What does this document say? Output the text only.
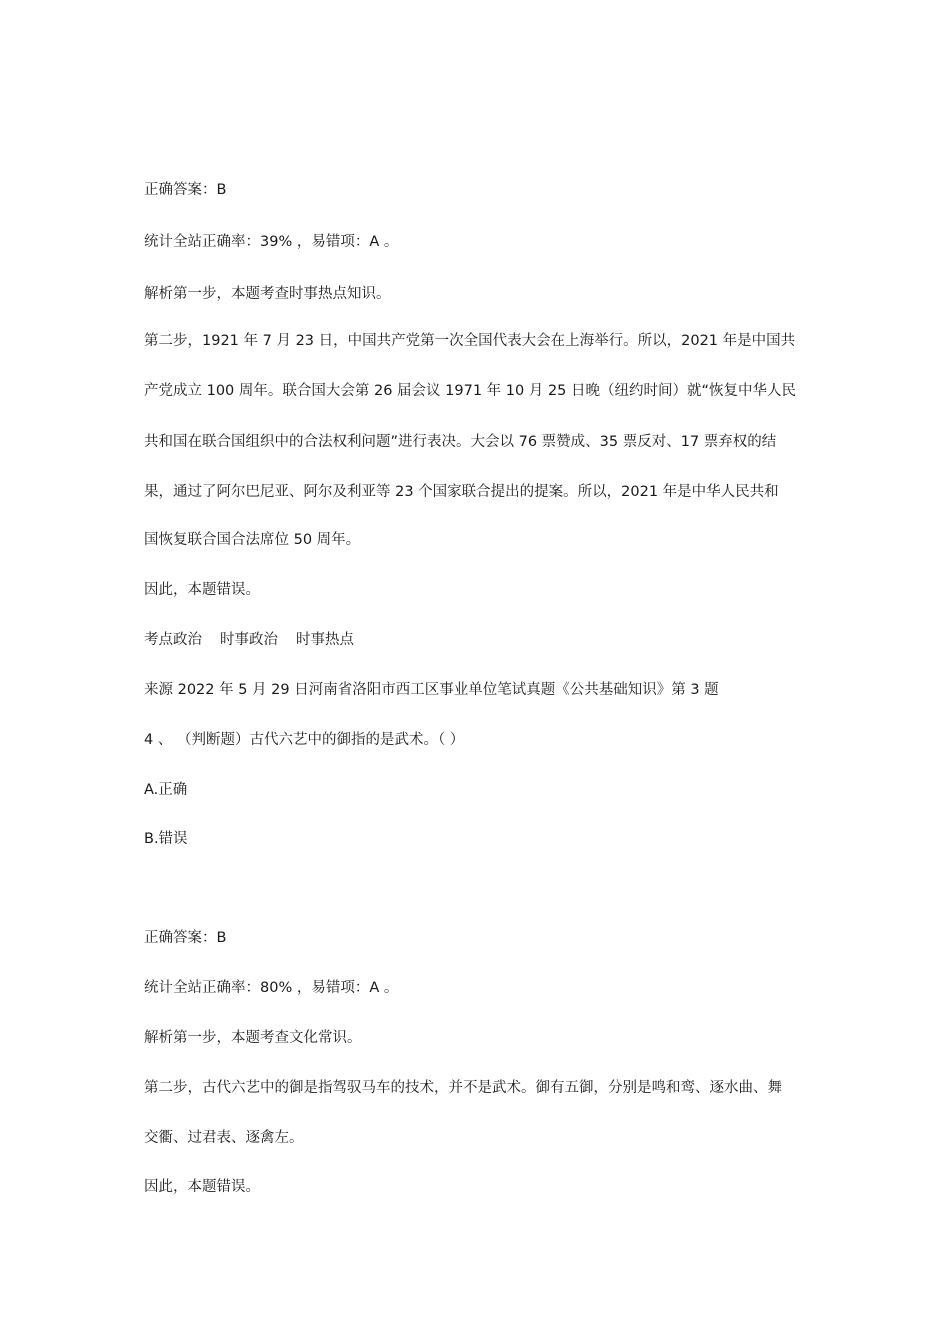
正确答案：B
统计全站正确率：39% ，易错项：A 。
解析第一步，本题考查时事热点知识。
第二步，1921 年 7 月 23 日，中国共产党第一次全国代表大会在上海举行。所以，2021 年是中国共
产党成立 100 周年。联合国大会第 26 届会议 1971 年 10 月 25 日晚（纽约时间）就“恢复中华人民
共和国在联合国组织中的合法权利问题”进行表决。大会以 76 票赞成、35 票反对、17 票弃权的结
果，通过了阿尔巴尼亚、阿尔及利亚等 23 个国家联合提出的提案。所以，2021 年是中华人民共和
国恢复联合国合法席位 50 周年。
因此，本题错误。
考点政治 时事政治 时事热点
来源 2022 年 5 月 29 日河南省洛阳市西工区事业单位笔试真题《公共基础知识》第 3 题
4 、 （判断题）古代六艺中的御指的是武术。（ ）
A.正确
B.错误
正确答案：B
统计全站正确率：80% ，易错项：A 。
解析第一步，本题考查文化常识。
第二步，古代六艺中的御是指驾驭马车的技术，并不是武术。御有五御，分别是鸣和鸾、逐水曲、舞
交衢、过君表、逐禽左。
因此，本题错误。
